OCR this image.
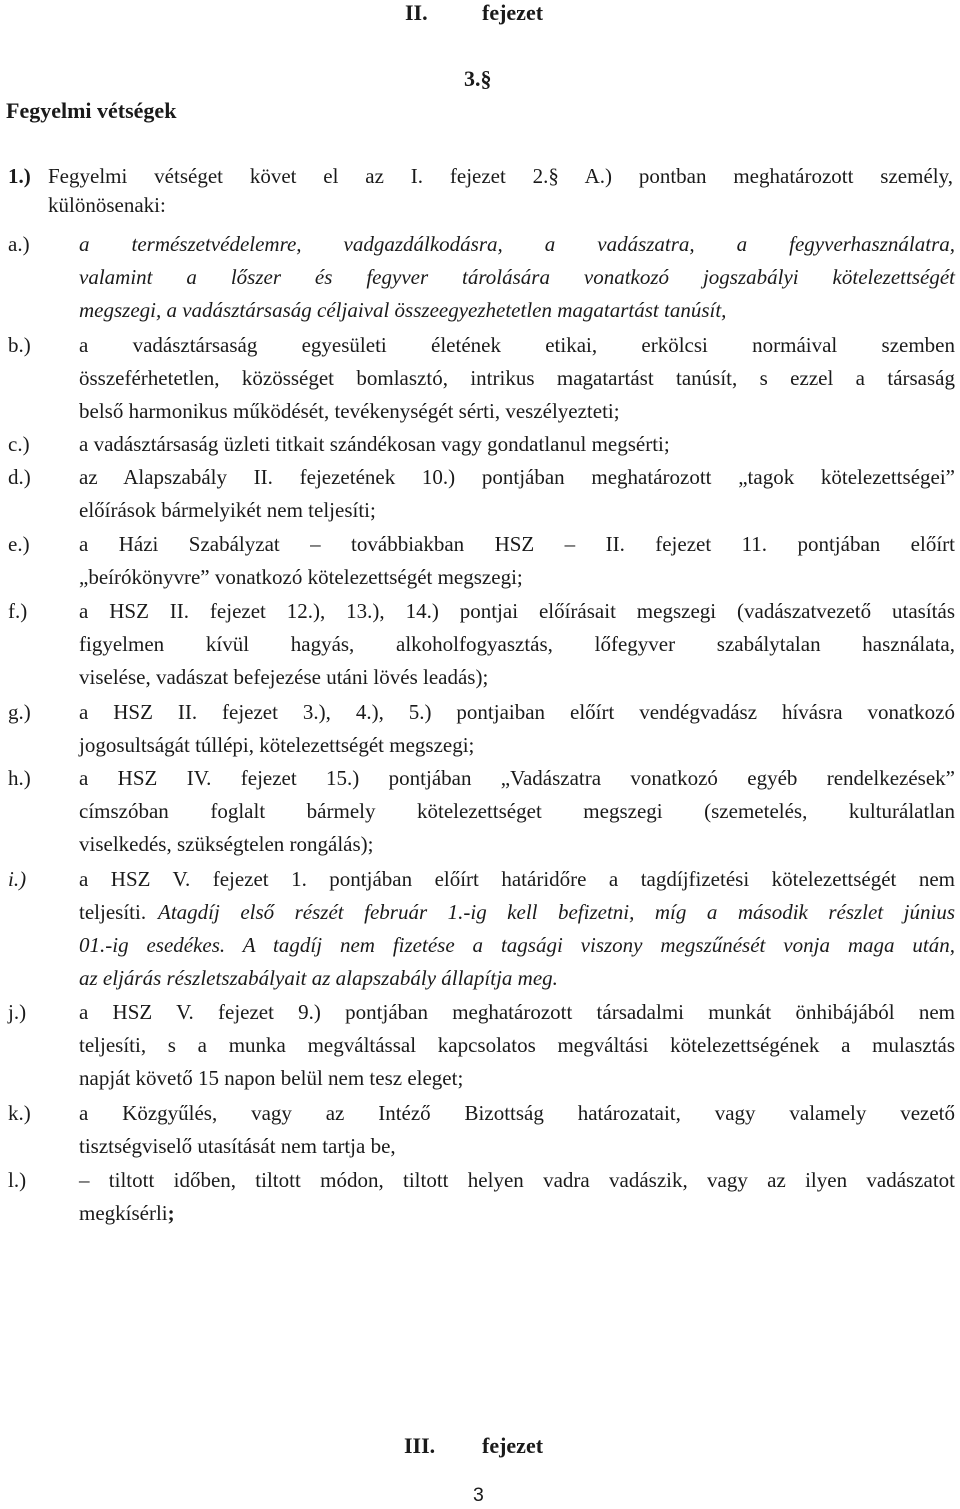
II. fejezet
3.§
Fegyelmi vétségek
1.) Fegyelmi vétséget követ el az I. fejezet 2.§ A.) pontban meghatározott személy,
különösenaki:
a.) a természetvédelemre, vadgazdálkodásra, a vadászatra, a fegyverhasználatra,
valamint a lőszer és fegyver tárolására vonatkozó jogszabályi kötelezettségét
megszegi, a vadásztársaság céljaival összeegyezhetetlen magatartást tanúsít,
b.) a vadásztársaság egyesületi életének etikai, erkölcsi normáival szemben
összeférhetetlen, közösséget bomlasztó, intrikus magatartást tanúsít, s ezzel a társaság
belső harmonikus működését, tevékenységét sérti, veszélyezteti;
c.) a vadásztársaság üzleti titkait szándékosan vagy gondatlanul megsérti;
d.) az Alapszabály II. fejezetének 10.) pontjában meghatározott „tagok kötelezettségei”
előírások bármelyikét nem teljesíti;
e.) a Házi Szabályzat – továbbiakban HSZ – II. fejezet 11. pontjában előírt
„beírókönyvre” vonatkozó kötelezettségét megszegi;
f.) a HSZ II. fejezet 12.), 13.), 14.) pontjai előírásait megszegi (vadászatvezető utasítás
figyelmen kívül hagyás, alkoholfogyasztás, lőfegyver szabálytalan használata,
viselése, vadászat befejezése utáni lövés leadás);
g.) a HSZ II. fejezet 3.), 4.), 5.) pontjaiban előírt vendégvadász hívásra vonatkozó
jogosultságát túllépi, kötelezettségét megszegi;
h.) a HSZ IV. fejezet 15.) pontjában „Vadászatra vonatkozó egyéb rendelkezések”
címszóban foglalt bármely kötelezettséget megszegi (szemetelés, kulturálatlan
viselkedés, szükségtelen rongálás);
i.)	a HSZ V. fejezet 1. pontjában előírt határidőre a tagdíjfizetési kötelezettségét nem
teljesíti. Atagdíj első részét február 1.-ig kell befizetni, míg a második részlet június
01.-ig esedékes. A tagdíj nem fizetése a tagsági viszony megszűnését vonja maga után,
az eljárás részletszabályait az alapszabály állapítja meg.
j.)	a HSZ V. fejezet 9.) pontjában meghatározott társadalmi munkát önhibájából nem
teljesíti, s a munka megváltással kapcsolatos megváltási kötelezettségének a mulasztás
napját követő 15 napon belül nem tesz eleget;
k.) a Közgyűlés, vagy az Intéző Bizottság határozatait, vagy valamely vezető
tisztségviselő utasítását nem tartja be,
l.)	– tiltott időben, tiltott módon, tiltott helyen vadra vadászik, vagy az ilyen vadászatot
megkísérli;
III. fejezet
3
